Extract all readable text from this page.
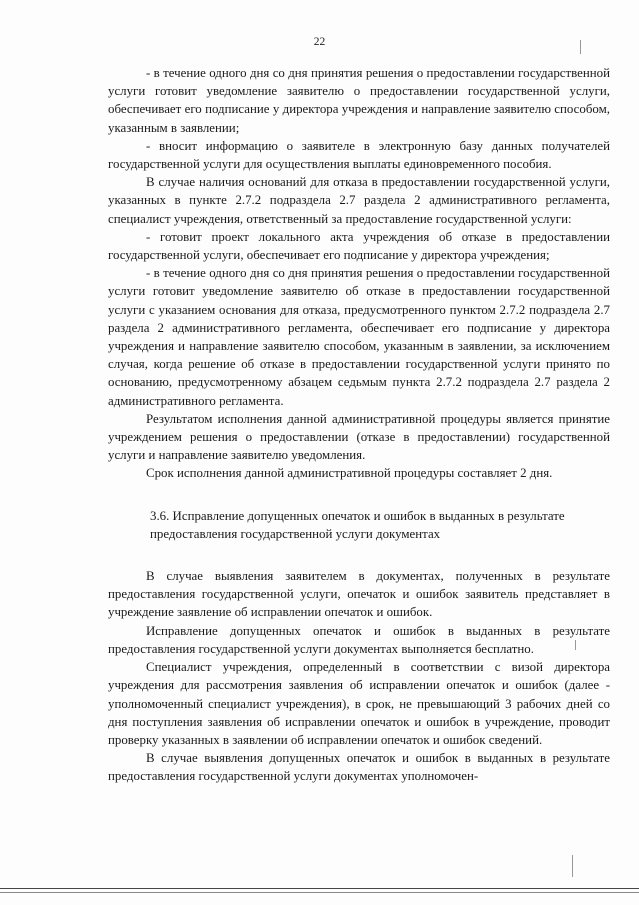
22

- в течение одного дня со дня принятия решения о предоставлении государственной услуги готовит уведомление заявителю о предоставлении государственной услуги, обеспечивает его подписание у директора учреждения и направление заявителю способом, указанным в заявлении;

- вносит информацию о заявителе в электронную базу данных получателей государственной услуги для осуществления выплаты единовременного пособия.

В случае наличия оснований для отказа в предоставлении государственной услуги, указанных в пункте 2.7.2 подраздела 2.7 раздела 2 административного регламента, специалист учреждения, ответственный за предоставление государственной услуги:

- готовит проект локального акта учреждения об отказе в предоставлении государственной услуги, обеспечивает его подписание у директора учреждения;

- в течение одного дня со дня принятия решения о предоставлении государственной услуги готовит уведомление заявителю об отказе в предоставлении государственной услуги с указанием основания для отказа, предусмотренного пунктом 2.7.2 подраздела 2.7 раздела 2 административного регламента, обеспечивает его подписание у директора учреждения и направление заявителю способом, указанным в заявлении, за исключением случая, когда решение об отказе в предоставлении государственной услуги принято по основанию, предусмотренному абзацем седьмым пункта 2.7.2 подраздела 2.7 раздела 2 административного регламента.

Результатом исполнения данной административной процедуры является принятие учреждением решения о предоставлении (отказе в предоставлении) государственной услуги и направление заявителю уведомления.

Срок исполнения данной административной процедуры составляет 2 дня.

3.6. Исправление допущенных опечаток и ошибок в выданных в результате предоставления государственной услуги документах

В случае выявления заявителем в документах, полученных в результате предоставления государственной услуги, опечаток и ошибок заявитель представляет в учреждение заявление об исправлении опечаток и ошибок.

Исправление допущенных опечаток и ошибок в выданных в результате предоставления государственной услуги документах выполняется бесплатно.

Специалист учреждения, определенный в соответствии с визой директора учреждения для рассмотрения заявления об исправлении опечаток и ошибок (далее - уполномоченный специалист учреждения), в срок, не превышающий 3 рабочих дней со дня поступления заявления об исправлении опечаток и ошибок в учреждение, проводит проверку указанных в заявлении об исправлении опечаток и ошибок сведений.

В случае выявления допущенных опечаток и ошибок в выданных в результате предоставления государственной услуги документах уполномочен-
